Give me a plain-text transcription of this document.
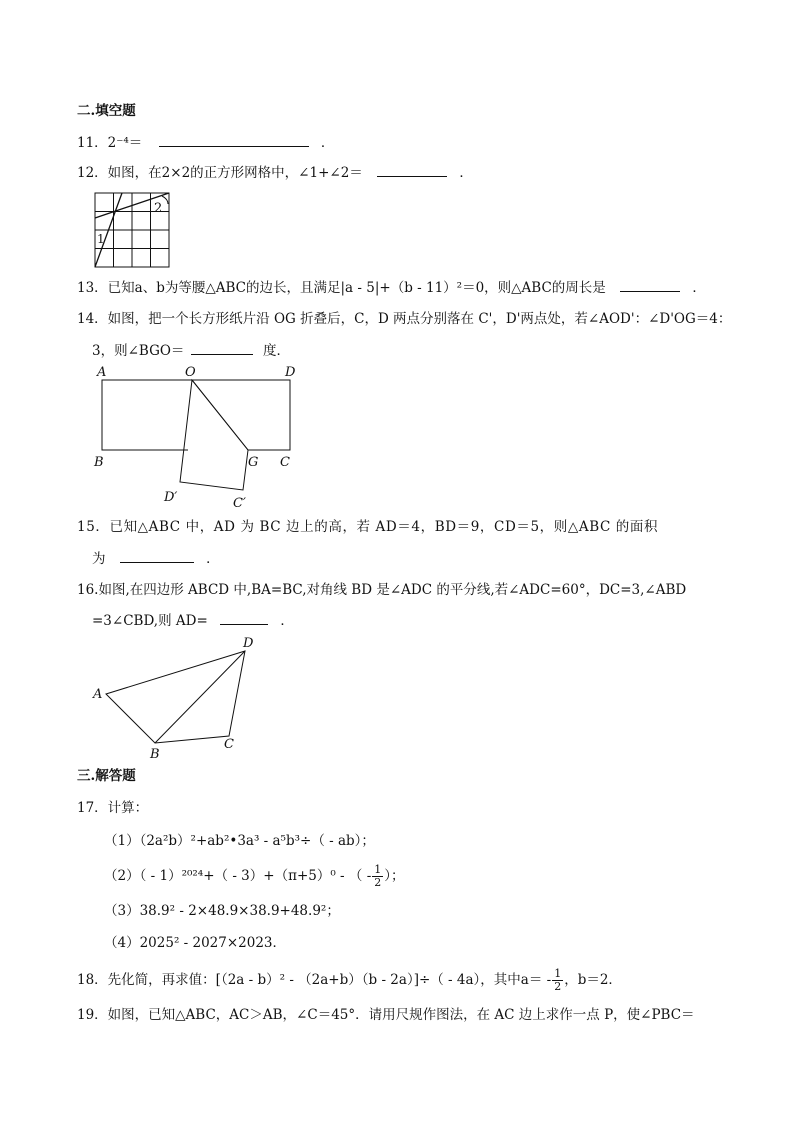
二.填空题
11．2⁻⁴＝	．
12．如图，在2×2的正方形网格中，∠1+∠2＝	．
1
2
13．已知a、b为等腰△ABC的边长，且满足|a - 5|+（b - 11）²＝0，则△ABC的周长是	．
14．如图，把一个长方形纸片沿 OG 折叠后，C，D 两点分别落在 C'，D'两点处，若∠AOD'：∠D'OG＝4：
3，则∠BGO＝	度．
A	O	D
B	G C
D′	C′
15．已知△ABC 中，AD 为 BC 边上的高，若 AD＝4，BD＝9，CD＝5，则△ABC 的面积
为	．
16.如图,在四边形 ABCD 中,BA=BC,对角线 BD 是∠ADC 的平分线,若∠ADC=60°，DC=3,∠ABD
=3∠CBD,则 AD=	．
A
B
C
D
三.解答题
17．计算：
（1）（2a²b）²+ab²•3a³ - a⁵b³÷（ - ab）；
（2）（ - 1）²⁰²⁴+（ - 3）+（π+5）⁰ - （ - $\frac{1}{2}$ ）；
（3）38.9² - 2×48.9×38.9+48.9²；
（4）2025² - 2027×2023．
18．先化简，再求值：[（2a - b）² - （2a+b）（b - 2a）]÷（ - 4a），其中$a= - \frac{1}{2}$ ，b＝2．
19．如图，已知△ABC，AC＞AB，∠C＝45°．请用尺规作图法，在 AC 边上求作一点 P，使∠PBC＝
